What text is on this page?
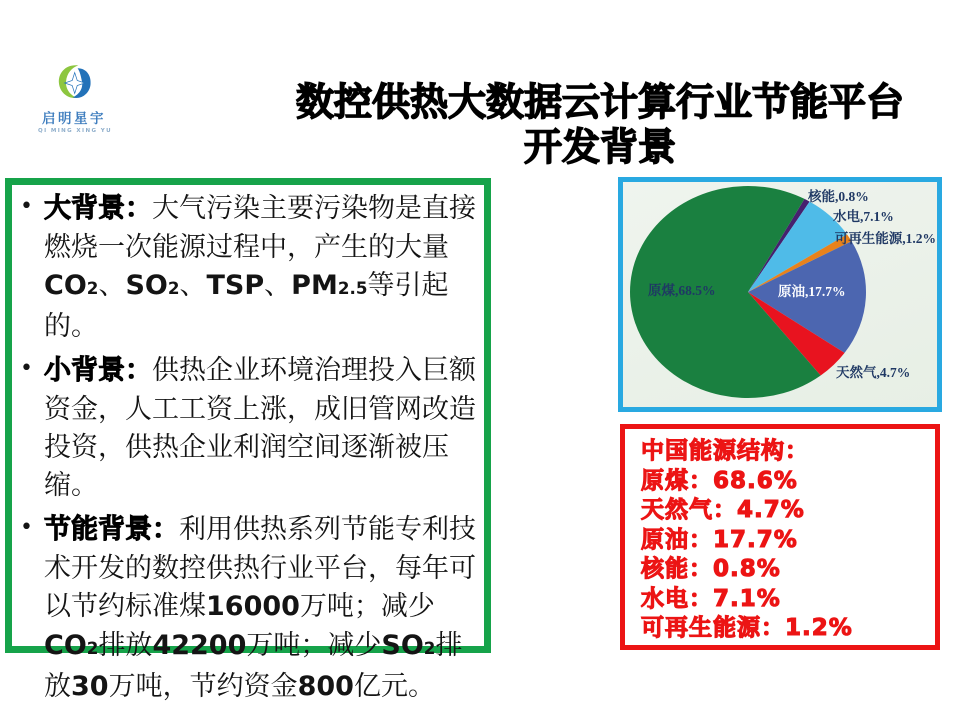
启明星宇
QI MING XING YU
数控供热大数据云计算行业节能平台
开发背景
• 大背景：大气污染主要污染物是直接燃烧一次能源过程中，产生的大量CO2、SO2、TSP、PM2.5等引起的。
• 小背景：供热企业环境治理投入巨额资金，人工工资上涨，成旧管网改造投资，供热企业利润空间逐渐被压缩。
• 节能背景：利用供热系列节能专利技术开发的数控供热行业平台，每年可以节约标准煤16000万吨；减少CO2排放42200万吨；减少SO2排放30万吨，节约资金800亿元。
核能,0.8%
水电,7.1%
可再生能源,1.2%
原油,17.7%
天然气,4.7%
原煤,68.5%
中国能源结构：
原煤：68.6%
天然气：4.7%
原油：17.7%
核能：0.8%
水电：7.1%
可再生能源：1.2%
